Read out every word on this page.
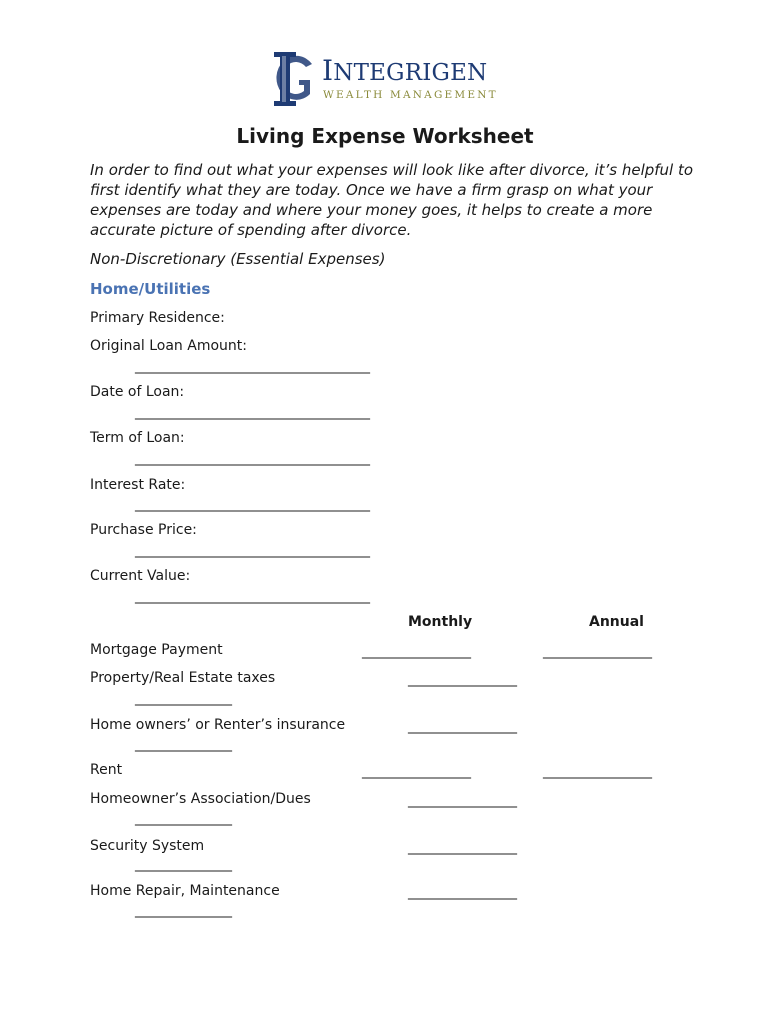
INTEGRIGEN
WEALTH MANAGEMENT
Living Expense Worksheet
In order to find out what your expenses will look like after divorce, it’s helpful to first identify what they are today. Once we have a firm grasp on what your expenses are today and where your money goes, it helps to create a more accurate picture of spending after divorce.
Non-Discretionary (Essential Expenses)
Home/Utilities
Primary Residence:
Original Loan Amount:
_______________________________________
Date of Loan:
_______________________________________
Term of Loan:
_______________________________________
Interest Rate:
_______________________________________
Purchase Price:
_______________________________________
Current Value:
_______________________________________
Monthly	Annual
Mortgage Payment	__________________	__________________
Property/Real Estate taxes	__________________
________________
Home owners’ or Renter’s insurance	__________________
________________
Rent	__________________	__________________
Homeowner’s Association/Dues	__________________
________________
Security System	__________________
________________
Home Repair, Maintenance	__________________
________________
